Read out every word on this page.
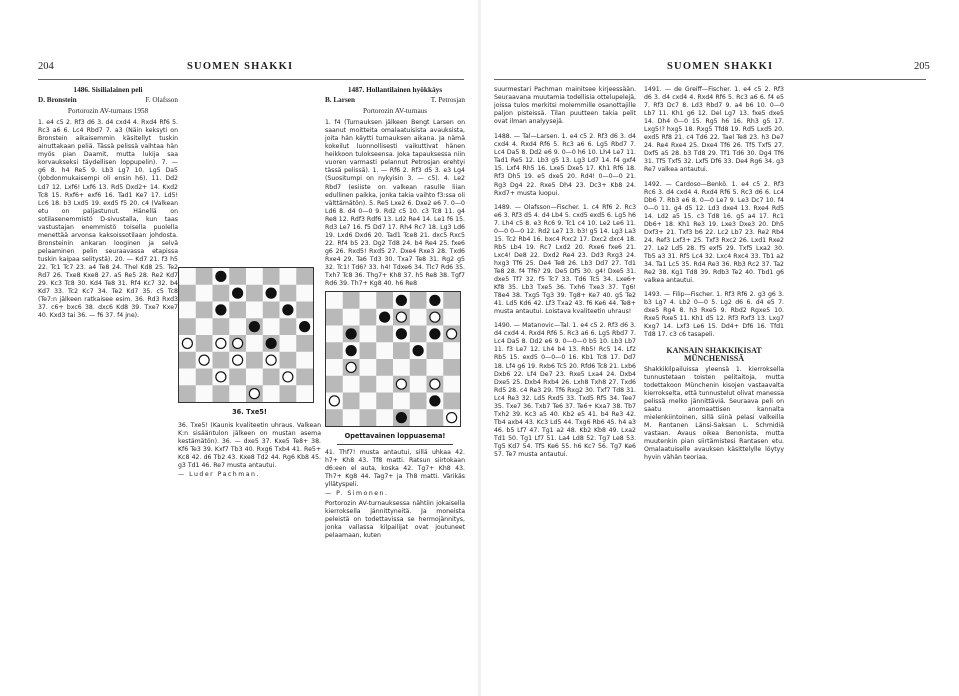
204	SUOMEN SHAKKI
1486. Sisilialainen peli
D. Bronstein	F. Olafsson
Portorozin AV-turnaus 1958

1. e4 c5 2. Rf3 d6 3. d4 cxd4 4. Rxd4 Rf6 5. Rc3 a6 6. Lc4 Rbd7 7. a3 (Näin keksyti on Bronstein aikaisemmin käsitellyt tuskin ainuttakaan peliä. Tässä pelissä vaihtaa hän myös pian Daamit, mutta lukija saa korvaukseksi täydellisen loppupelin). 7. — g6 8. h4 Re5 9. Lb3 Lg7 10. Lg5 Da5 (Jobdonmukaisempi oli ensin h6). 11. Dd2 Ld7 12. Lxf6! Lxf6 13. Rd5 Dxd2+ 14. Kxd2 Tc8 15. Rxf6+ exf6 16. Tad1 Ke7 17. Ld5! Lc6 18. b3 Lxd5 19. exd5 f5 20. c4 (Valkean etu on paljastunut. Hänellä on sotilasenemmistö D-sivustalla, kun taas vastustajan enemmistö toisella puolella menettää arvonsa kaksoissotilaan johdosta. Bronsteinin ankaran looginen ja selvä pelaaminen pelin seuraavassa etapissa tuskin kaipaa selitystä). 20. — Kd7 21. f3 h5 22. Tc1 Tc7 23. a4 Te8 24. Thel Kd8 25. Te2 Rd7 26. Txe8 Kxe8 27. a5 Re5 28. Re2 Kd7 29. Kc3 Tc8 30. Kd4 Te8 31. Rf4 Kc7 32. b4 Kd7 33. Tc2 Kc7 34. Te2 Kd7 35. c5 Tc8 (Te7:n jälkeen ratkaisee esim. 36. Rd3 Rxd3 37. c6+ bxc6 38. dxc6 Kd8 39. Txe7 Kxe7 40. Kxd3 tai 36. — f6 37. f4 jne).

36. Txe5!

36. Txe5! (Kaunis kvaliteetin uhraus. Valkean K:n sisääntulon jälkeen on mustan asema kestämätön). 36. — dxe5 37. Kxe5 Te8+ 38. Kf6 Te3 39. Kxf7 Tb3 40. Rxg6 Txb4 41. Re5+ Kc8 42. d6 Tb2 43. Kxe8 Td2 44. Rg6 Kb8 45. g3 Td1 46. Re7 musta antautui.

— Luder Pachman.

1487. Hollantilainen hyökkäys
B. Larsen	T. Petrosjan
Portorozin AV-turnaus

1. f4 (Turnauksen jälkeen Bengt Larsen on saanut moitteita omalaatuisista avauksista, joita hän käytti turnauksen aikana. Ja nämä kokeilut luonnollisesti vaikuttivat hänen heikkoon tulokseensa. Joka tapauksessa niin vuoren varmasti pelannut Petrosjan erehtyi tässä pelissä). 1. — Rf6 2. Rf3 d5 3. e3 Lg4 (Suositumpi on nykyisin 3. — c5). 4. Le2 Rbd7 (esiiste on valkean rasulle liian edullinen paikka, jonka takia vaihto f3:ssa oli välttämätön). 5. Re5 Lxe2 6. Dxe2 e6 7. 0—0 Ld6 8. d4 0—0 9. Rd2 c5 10. c3 Tc8 11. g4 Re8 12. Rdf3 Rdf6 13. Ld2 Re4 14. Le1 f6 15. Rd3 Le7 16. f5 Dd7 17. Rh4 Rc7 18. Lg3 Ld6 19. Lxd6 Dxd6 20. Tad1 Tce8 21. dxc5 Rxc5 22. Rf4 b5 23. Dg2 Td8 24. b4 Re4 25. fxe6 g6 26. Rxd5! Rxd5 27. Dxe4 Rxe3 28. Txd6 Rxe4 29. Ta6 Td3 30. Txa7 Te8 31. Rg2 g5 32. Tc1! Td6? 33. h4! Tdxe6 34. Tlc7 Rd6 35. Txh7 Tc8 36. Thg7+ Kh8 37. h5 Re8 38. Tgf7 Rd6 39. Th7+ Kg8 40. h6 Re8

Opettavainen loppuasema!

41. Thf7! musta antautui, sillä uhkaa 42. h7+ Kh8 43. Tf8 matti. Ratsun siirtokaan d6:een el auta, koska 42. Tg7+ Kh8 43. Th7+ Kg8 44. Tag7+ ja Th8 matti. Värikäs yllätyspeli.

— P. Simonen.

Portorozin AV-turnauksessa nähtiin jokaisella kierroksella jännittyneitä. Ja moneista peleistä on todettavissa se hermojännitys, jonka vallassa kilpailijat ovat joutuneet pelaamaan, kuten

SUOMEN SHAKKI	205

suurmestari Pachman mainitsee kirjeessään. Seuraavana muutamia todellisia ottelupelejä, joissa tulos merkitsi molemmille osanottajille paljon pisteissä. Tilan puutteen takia pelit ovat ilman analyysejä.

1488. — Tal—Larsen. 1. e4 c5 2. Rf3 d6 3. d4 cxd4 4. Rxd4 Rf6 5. Rc3 a6 6. Lg5 Rbd7 7. Lc4 Da5 8. Dd2 e6 9. 0—0 h6 10. Lh4 Le7 11. Tad1 Re5 12. Lb3 g5 13. Lg3 Ld7 14. f4 gxf4 15. Lxf4 Rh5 16. Lxe5 Dxe5 17. Kh1 Rf6 18. Rf3 Dh5 19. e5 dxe5 20. Rd4! 0—0—0 21. Rg3 Dg4 22. Rxe5 Dh4 23. Dc3+ Kb8 24. Rxd7+ musta luopui.

1489. — Olafsson—Fischer. 1. c4 Rf6 2. Rc3 e6 3. Rf3 d5 4. d4 Lb4 5. cxd5 exd5 6. Lg5 h6 7. Lh4 c5 8. e3 Rc6 9. Tc1 c4 10. Le2 Le6 11. 0—0 0—0 12. Rd2 Le7 13. b3! g5 14. Lg3 La3 15. Tc2 Rb4 16. bxc4 Rxc2 17. Dxc2 dxc4 18. Rb5 Lb4 19. Rc7 Lxd2 20. Rxe6 fxe6 21. Lxc4! De8 22. Dxd2 Re4 23. Dd3 Rxg3 24. hxg3 Tf6 25. De4 Te8 26. Lb3 Dd7 27. Td1 Te8 28. f4 Tf6? 29. De5 Df5 30. g4! Dxe5 31. dxe5 Tf7 32. f5 Tc7 33. Td6 Tc5 34. Lxe6+ Kf8 35. Lb3 Txe5 36. Txh6 Txe3 37. Tg6! T8e4 38. Txg5 Tg3 39. Tg8+ Ke7 40. g5 Te2 41. Ld5 Kd6 42. Lf3 Txa2 43. f6 Ke6 44. Te8+ musta antautui. Loistava kvaliteetin uhraus!

1490. — Matanovic—Tal. 1. e4 c5 2. Rf3 d6 3. d4 cxd4 4. Rxd4 Rf6 5. Rc3 a6 6. Lg5 Rbd7 7. Lc4 Da5 8. Dd2 e6 9. 0—0—0 b5 10. Lb3 Lb7 11. f3 Le7 12. Lh4 b4 13. Rb5! Rc5 14. Lf2 Rb5 15. exd5 0—0—0 16. Kb1 Tc8 17. Dd7 18. Lf4 g6 19. Rxb6 Tc5 20. Rfd6 Tc8 21. Lxb6 Dxb6 22. Lf4 De7 23. Rxe5 Lxa4 24. Dxb4 Dxe5 25. Dxb4 Rxb4 26. Lxh8 Txh8 27. Txd6 Rd5 28. c4 Re3 29. Tf6 Rxg2 30. Txf7 Td8 31. Lc4 Re3 32. Ld5 Rxd5 33. Txd5 Rf5 34. Tee7 35. Txe7 36. Txb7 Te6 37. Te6+ Kxa7 38. Tb7 Txh2 39. Kc3 a5 40. Kb2 e5 41. b4 Re3 42. Tb4 axb4 43. Kc3 Ld5 44. Txg6 Rb6 45. h4 a3 46. b5 Lf7 47. Tg1 a2 48. Kb2 Kb8 49. Lxa2 Td1 50. Tg1 Lf7 51. La4 Ld8 52. Tg7 Le8 53. Tg5 Kd7 54. Tf5 Ke6 55. h6 Kc7 56. Tg7 Ke6 57. Te7 musta antautui.

1491. — de Greiff—Fischer. 1. e4 c5 2. Rf3 d6 3. d4 cxd4 4. Rxd4 Rf6 5. Rc3 a6 6. f4 e5 7. Rf3 Dc7 8. Ld3 Rbd7 9. a4 b6 10. 0—0 Lb7 11. Kh1 g6 12. Del Lg7 13. fxe5 dxe5 14. Dh4 0—0 15. Rg5 h6 16. Rh3 g5 17. Lxg5!? hxg5 18. Rxg5 Tfd8 19. Rd5 Lxd5 20. exd5 Rf8 21. c4 Td6 22. Tael Te8 23. h3 De7 24. Re4 Rxe4 25. Dxe4 Tf6 26. Tf5 Txf5 27. Dxf5 a5 28. b3 Td8 29. Tf1 Td6 30. Dg4 Tf6 31. Tf5 Txf5 32. Lxf5 Df6 33. De4 Rg6 34. g3 Re7 valkea antautui.

1492. — Cardoso—Benkö. 1. e4 c5 2. Rf3 Rc6 3. d4 cxd4 4. Rxd4 Rf6 5. Rc3 d6 6. Lc4 Db6 7. Rb3 e6 8. 0—0 Le7 9. Le3 Dc7 10. f4 0—0 11. g4 d5 12. Ld3 dxe4 13. Rxe4 Rd5 14. Ld2 a5 15. c3 Td8 16. g5 a4 17. Rc1 Db6+ 18. Kh1 Re3 19. Lxe3 Dxe3 20. Dh5 Dxf3+ 21. Txf3 b6 22. Lc2 Lb7 23. Re2 Rb4 24. Ref3 Lxf3+ 25. Txf3 Rxc2 26. Lxd1 Rxe2 27. Le2 Ld5 28. f5 exf5 29. Txf5 Lxa2 30. Tb5 a3 31. Rf5 Lc4 32. Lxc4 Rxc4 33. Tb1 a2 34. Ta1 Lc5 35. Rd4 Re3 36. Rb3 Rc2 37. Ta2 Re2 38. Kg1 Td8 39. Rdb3 Te2 40. Tbd1 g6 valkea antautui.

1493. — Filip—Fischer. 1. Rf3 Rf6 2. g3 g6 3. b3 Lg7 4. Lb2 0—0 5. Lg2 d6 6. d4 e5 7. dxe5 Rg4 8. h3 Rxe5 9. Rbd2 Rgxe5 10. Rxe5 Rxe5 11. Kh1 d5 12. Rf3 Rxf3 13. Lxg7 Kxg7 14. Lxf3 Le6 15. Dd4+ Df6 16. Tfd1 Td8 17. c3 c6 tasapeli.

KANSAIN SHAKKIKISAT MÜNCHENISSÄ

Shakkikilpailuissa yleensä 1. kierroksella tunnustetaan toisten pelitaitoja, mutta todettakoon Münchenin kisojen vastaavalta kierrokselta, että tunnustelut olivat manessa pelissä melko jännittäviä. Seuraava peli on saatu anomaattisen kannalta mielenkiintoinen, sillä siinä pelasi valkeilla M. Rantanen Länsi-Saksan L. Schmidiä vastaan. Avaus oikea Benonista, mutta muutenkin pian siirtämistesi Rantasen etu. Omalaatuiselle avauksen käsittelylle löytyy hyvin vähän teoriaa.
